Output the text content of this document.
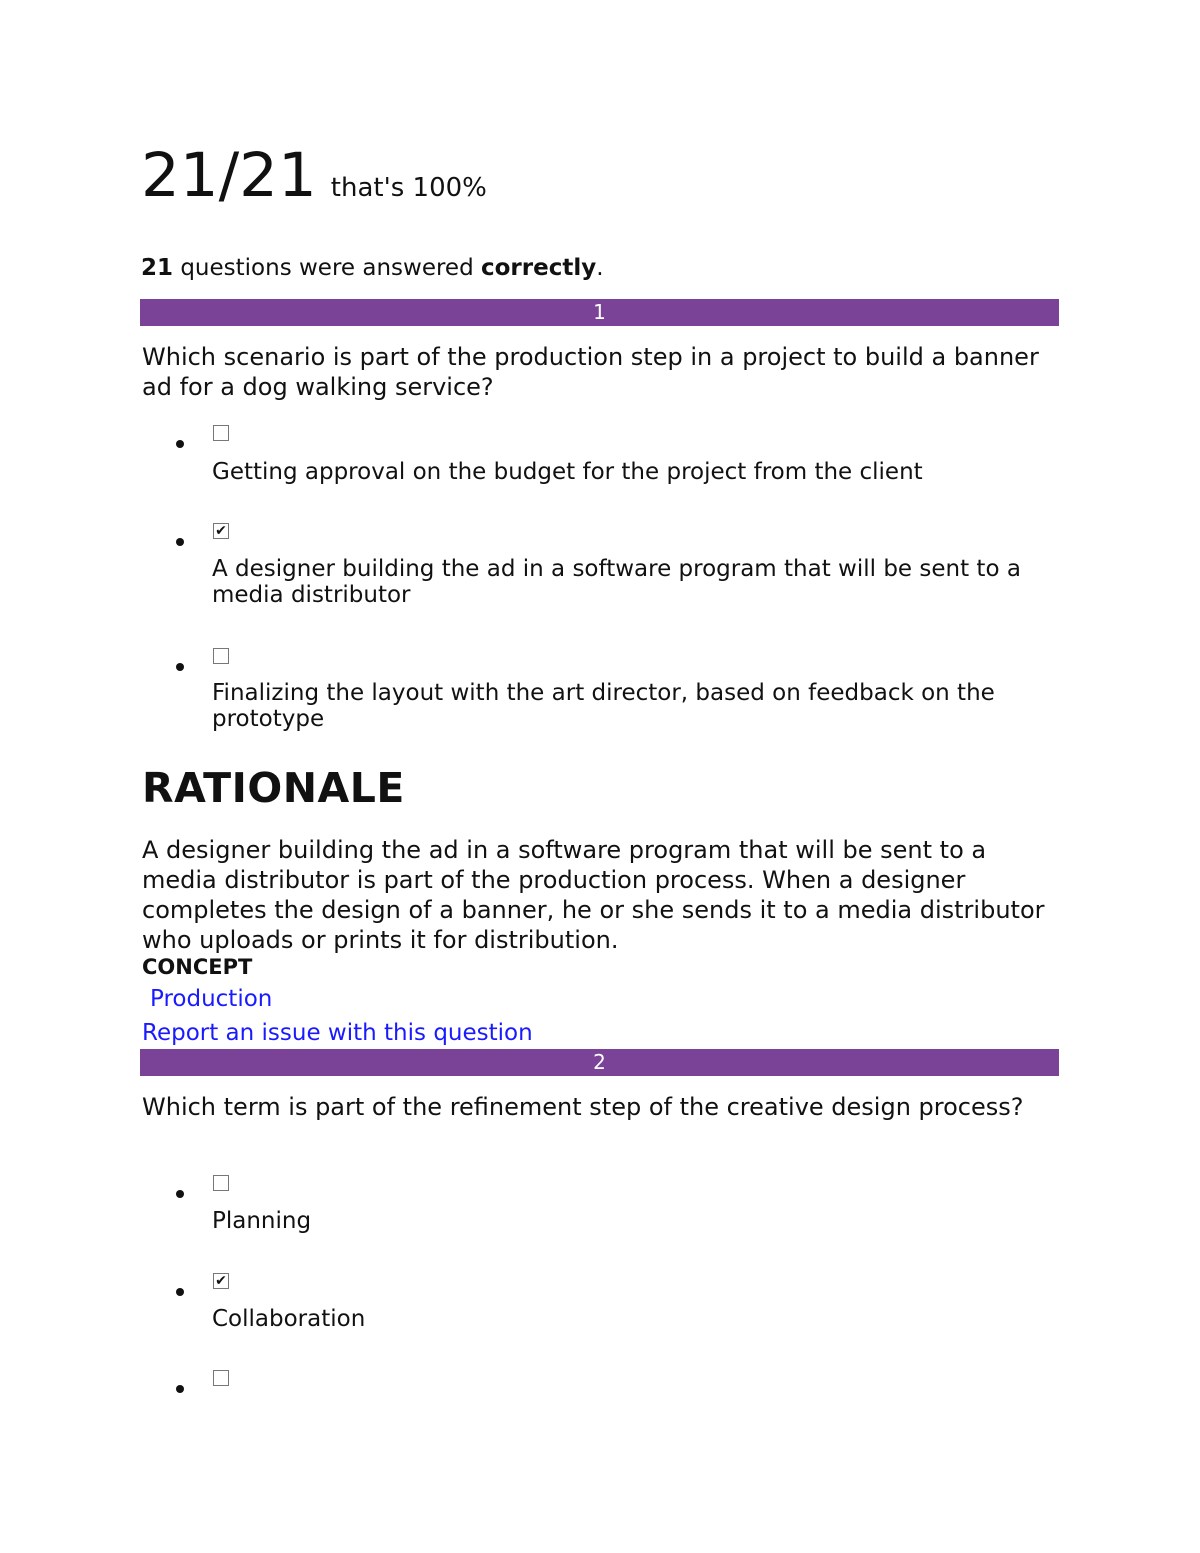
21/21 that's 100%
21 questions were answered correctly.
1
Which scenario is part of the production step in a project to build a banner ad for a dog walking service?
Getting approval on the budget for the project from the client
✔
A designer building the ad in a software program that will be sent to a media distributor
Finalizing the layout with the art director, based on feedback on the prototype
RATIONALE
A designer building the ad in a software program that will be sent to a media distributor is part of the production process. When a designer completes the design of a banner, he or she sends it to a media distributor who uploads or prints it for distribution.
CONCEPT
Production
Report an issue with this question
2
Which term is part of the refinement step of the creative design process?
Planning
✔
Collaboration
